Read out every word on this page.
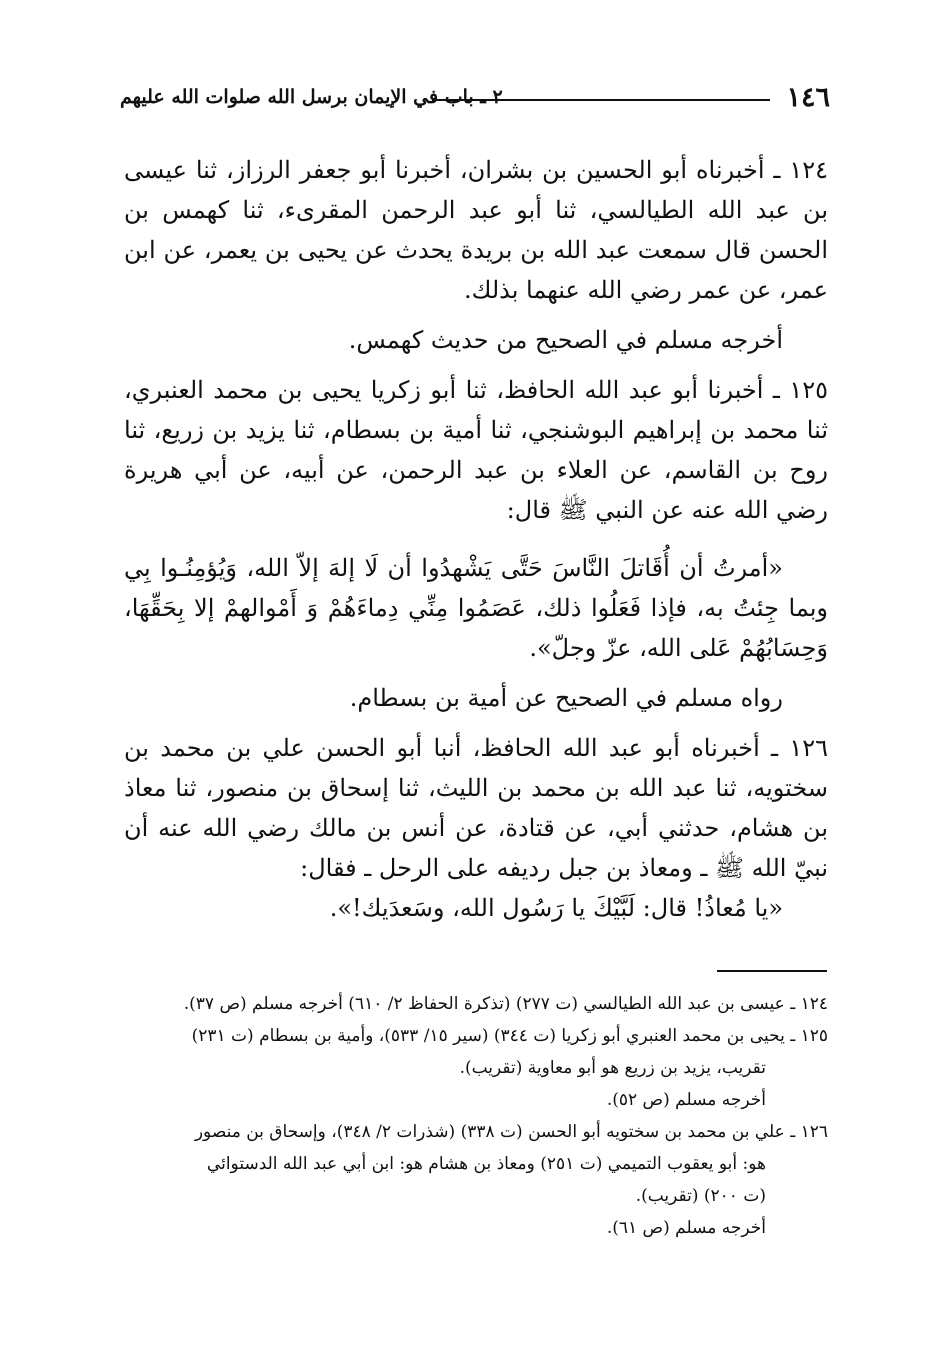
١٤٦
٢ ـ باب في الإيمان برسل الله صلوات الله عليهم

١٢٤ ـ أخبرناه أبو الحسين بن بشران، أخبرنا أبو جعفر الرزاز، ثنا عيسى بن عبد الله الطيالسي، ثنا أبو عبد الرحمن المقرىء، ثنا كهمس بن الحسن قال سمعت عبد الله بن بريدة يحدث عن يحيى بن يعمر، عن ابن عمر، عن عمر رضي الله عنهما بذلك.

أخرجه مسلم في الصحيح من حديث كهمس.

١٢٥ ـ أخبرنا أبو عبد الله الحافظ، ثنا أبو زكريا يحيى بن محمد العنبري، ثنا محمد بن إبراهيم البوشنجي، ثنا أمية بن بسطام، ثنا يزيد بن زريع، ثنا روح بن القاسم، عن العلاء بن عبد الرحمن، عن أبيه، عن أبي هريرة رضي الله عنه عن النبي ﷺ قال:

«أمرتُ أن أُقَاتلَ النَّاسَ حَتَّى يَشْهدُوا أن لَا إلهَ إلاّ الله، وَيُؤمِنُـوا بِي وبما جِئتُ به، فإذا فَعَلُوا ذلك، عَصَمُوا مِنِّي دِماءَهُمْ وَ أَمْوالهمْ إلا بِحَقِّهَا، وَحِسَابُهُمْ عَلى الله، عزّ وجلّ».

رواه مسلم في الصحيح عن أمية بن بسطام.

١٢٦ ـ أخبرناه أبو عبد الله الحافظ، أنبا أبو الحسن علي بن محمد بن سختويه، ثنا عبد الله بن محمد بن الليث، ثنا إسحاق بن منصور، ثنا معاذ بن هشام، حدثني أبي، عن قتادة، عن أنس بن مالك رضي الله عنه أن نبيّ الله ﷺ ـ ومعاذ بن جبل رديفه على الرحل ـ فقال:

«يا مُعاذُ! قال: لَبَّيْكَ يا رَسُول الله، وسَعدَيك!».

١٢٤ ـ عيسى بن عبد الله الطيالسي (ت ٢٧٧) (تذكرة الحفاظ ٢/ ٦١٠) أخرجه مسلم (ص ٣٧).

١٢٥ ـ يحيى بن محمد العنبري أبو زكريا (ت ٣٤٤) (سير ١٥/ ٥٣٣)، وأمية بن بسطام (ت ٢٣١)

تقريب، يزيد بن زريع هو أبو معاوية (تقريب).

أخرجه مسلم (ص ٥٢).

١٢٦ ـ علي بن محمد بن سختويه أبو الحسن (ت ٣٣٨) (شذرات ٢/ ٣٤٨)، وإسحاق بن منصور

هو: أبو يعقوب التميمي (ت ٢٥١) ومعاذ بن هشام هو: ابن أبي عبد الله الدستوائي

(ت ٢٠٠) (تقريب).

أخرجه مسلم (ص ٦١).
